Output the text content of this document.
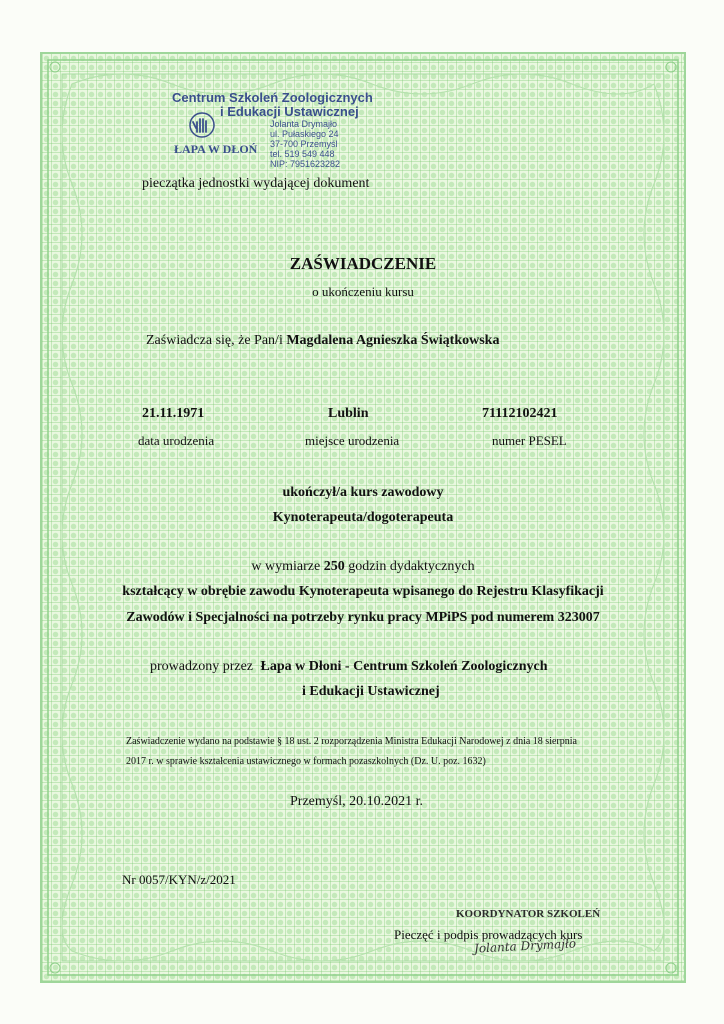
Centrum Szkoleń Zoologicznych
i Edukacji Ustawicznej
ŁAPA W DŁOŃ
Jolanta Drymajło
ul. Pułaskiego 24
37-700 Przemyśl
tel. 519 549 448
NIP: 7951623282
pieczątka jednostki wydającej dokument
ZAŚWIADCZENIE
o ukończeniu kursu
Zaświadcza się, że Pan/i Magdalena Agnieszka Świątkowska
21.11.1971
data urodzenia
Lublin
miejsce urodzenia
71112102421
numer PESEL
ukończył/a kurs zawodowy
Kynoterapeuta/dogoterapeuta
w wymiarze 250 godzin dydaktycznych
kształcący w obrębie zawodu Kynoterapeuta wpisanego do Rejestru Klasyfikacji
Zawodów i Specjalności na potrzeby rynku pracy MPiPS pod numerem 323007
prowadzony przez Łapa w Dłoni - Centrum Szkoleń Zoologicznych
i Edukacji Ustawicznej
Zaświadczenie wydano na podstawie § 18 ust. 2 rozporządzenia Ministra Edukacji Narodowej z dnia 18 sierpnia
2017 r. w sprawie kształcenia ustawicznego w formach pozaszkolnych (Dz. U. poz. 1632)
Przemyśl, 20.10.2021 r.
Nr 0057/KYN/z/2021
KOORDYNATOR SZKOLEŃ
Pieczęć i podpis prowadzących kurs
Jolanta Drymajło
